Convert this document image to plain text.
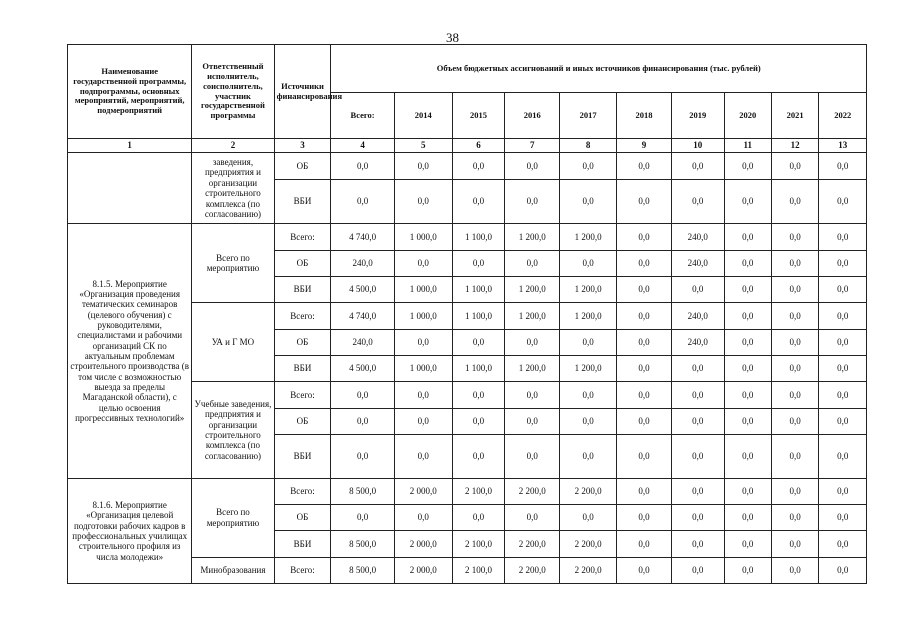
38
Наименование государственной программы, подпрограммы, основных мероприятий, мероприятий, подмероприятий	Ответственный исполнитель, соисполнитель, участник государственной программы	Источники финансирования	Объем бюджетных ассигнований и иных источников финансирования (тыс. рублей)									
			Всего:	2014	2015	2016	2017	2018	2019	2020	2021	2022
1	2	3	4	5	6	7	8	9	10	11	12	13
	заведения, предприятия и организации строительного комплекса (по согласованию)	ОБ	0,0	0,0	0,0	0,0	0,0	0,0	0,0	0,0	0,0	0,0
		ВБИ	0,0	0,0	0,0	0,0	0,0	0,0	0,0	0,0	0,0	0,0
8.1.5. Мероприятие «Организация проведения тематических семинаров (целевого обучения) с руководителями, специалистами и рабочими организаций СК по актуальным проблемам строительного производства (в том числе с возможностью выезда за пределы Магаданской области), с целью освоения прогрессивных технологий»	Всего по мероприятию	Всего:	4 740,0	1 000,0	1 100,0	1 200,0	1 200,0	0,0	240,0	0,0	0,0	0,0
		ОБ	240,0	0,0	0,0	0,0	0,0	0,0	240,0	0,0	0,0	0,0
		ВБИ	4 500,0	1 000,0	1 100,0	1 200,0	1 200,0	0,0	0,0	0,0	0,0	0,0
	УА и Г МО	Всего:	4 740,0	1 000,0	1 100,0	1 200,0	1 200,0	0,0	240,0	0,0	0,0	0,0
		ОБ	240,0	0,0	0,0	0,0	0,0	0,0	240,0	0,0	0,0	0,0
		ВБИ	4 500,0	1 000,0	1 100,0	1 200,0	1 200,0	0,0	0,0	0,0	0,0	0,0
	Учебные заведения, предприятия и организации строительного комплекса (по согласованию)	Всего:	0,0	0,0	0,0	0,0	0,0	0,0	0,0	0,0	0,0	0,0
		ОБ	0,0	0,0	0,0	0,0	0,0	0,0	0,0	0,0	0,0	0,0
		ВБИ	0,0	0,0	0,0	0,0	0,0	0,0	0,0	0,0	0,0	0,0
8.1.6. Мероприятие «Организация целевой подготовки рабочих кадров в профессиональных училищах строительного профиля из числа молодежи»	Всего по мероприятию	Всего:	8 500,0	2 000,0	2 100,0	2 200,0	2 200,0	0,0	0,0	0,0	0,0	0,0
		ОБ	0,0	0,0	0,0	0,0	0,0	0,0	0,0	0,0	0,0	0,0
		ВБИ	8 500,0	2 000,0	2 100,0	2 200,0	2 200,0	0,0	0,0	0,0	0,0	0,0
	Минобразования	Всего:	8 500,0	2 000,0	2 100,0	2 200,0	2 200,0	0,0	0,0	0,0	0,0	0,0
